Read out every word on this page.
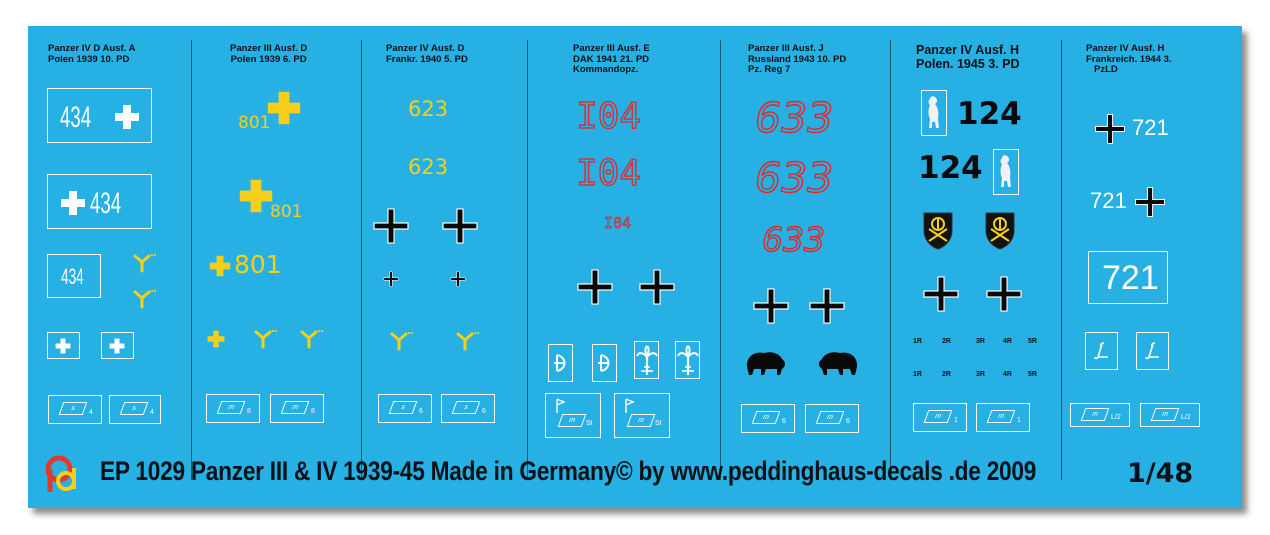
Panzer IV D Ausf. A
Polen 1939 10. PD
434
434
434
s
4
s
4
Panzer III Ausf. D
Polen 1939 6. PD
801
801
801
m
8
m
8
Panzer IV Ausf. D
Frankr. 1940 5. PD
623
623
s
6
s
6
Panzer III Ausf. E
DAK 1941 21. PD
Kommandopz.
I04
I04
I04
m	St	m	St
Panzer III Ausf. J
Russland 1943 10. PD
Pz. Reg 7
633
633
633
m
6
m
6
Panzer IV Ausf. H
Polen. 1945 3. PD
124
124
1R	2R	3R	4R 5R
1R	2R	3R	4R 5R
m
1
m
1
Panzer IV Ausf. H
Frankreich. 1944 3.
PzLD
721
721
721
m	L/2	m	L/2
EP 1029 Panzer III & IV 1939-45 Made in Germany© by www.peddinghaus-decals .de 2009	1/48
